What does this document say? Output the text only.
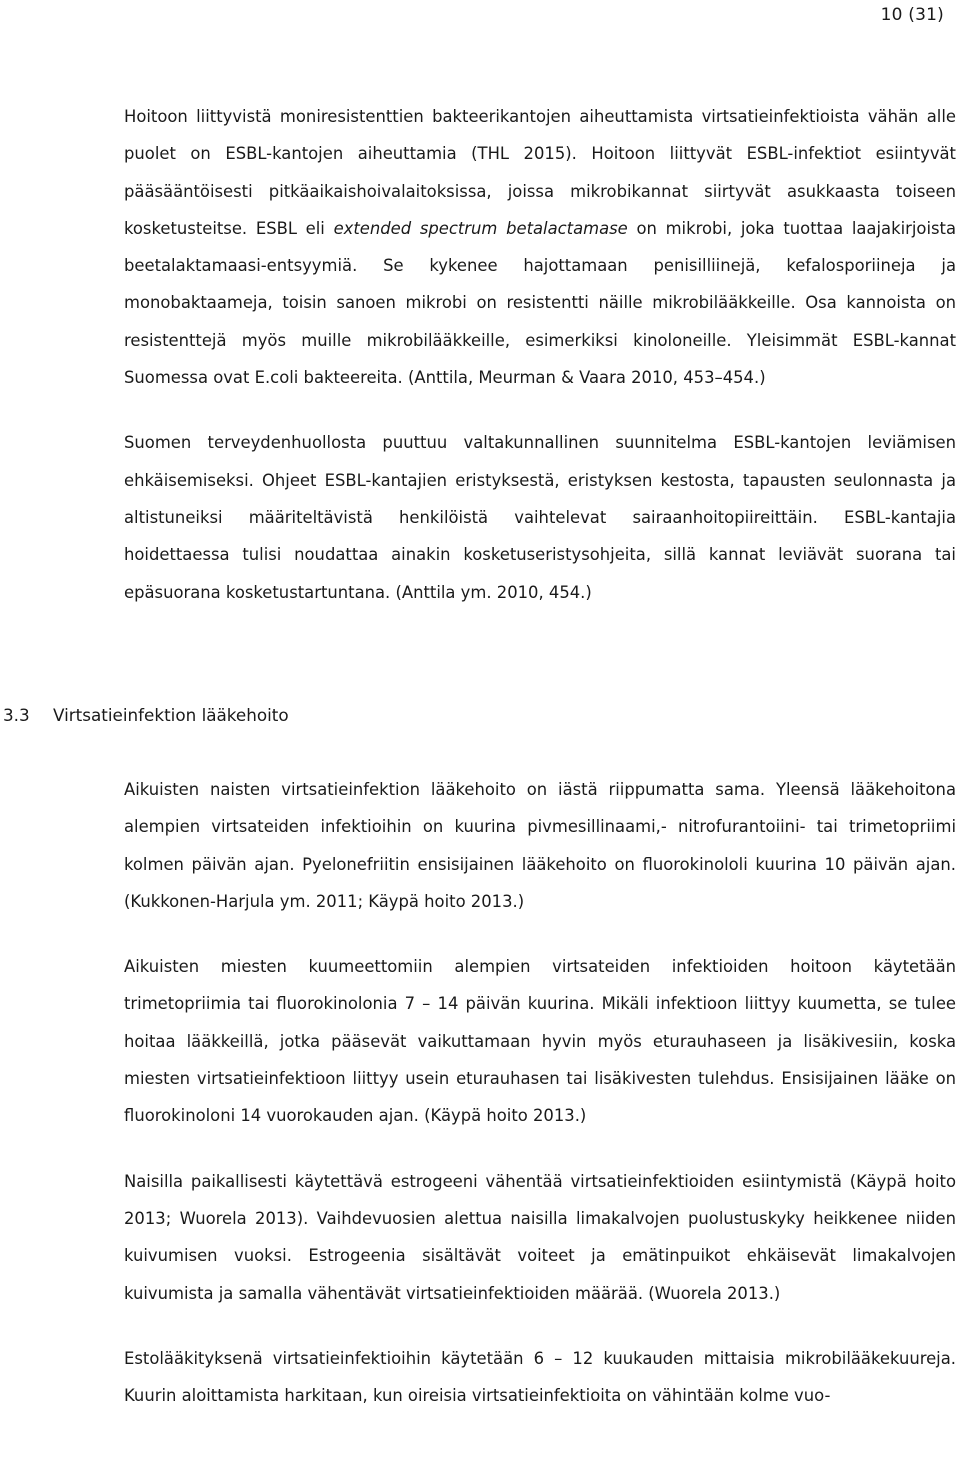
10 (31)

Hoitoon liittyvistä moniresistenttien bakteerikantojen aiheuttamista virtsatieinfektioista vähän alle puolet on ESBL-kantojen aiheuttamia (THL 2015). Hoitoon liittyvät ESBL-infektiot esiintyvät pääsääntöisesti pitkäaikaishoivalaitoksissa, joissa mikrobikannat siirtyvät asukkaasta toiseen kosketusteitse. ESBL eli extended spectrum betalactamase on mikrobi, joka tuottaa laajakirjoista beetalaktamaasi-entsyymiä. Se kykenee hajottamaan penisilliinejä, kefalosporiineja ja monobaktaameja, toisin sanoen mikrobi on resistentti näille mikrobilääkkeille. Osa kannoista on resistenttejä myös muille mikrobilääkkeille, esimerkiksi kinoloneille. Yleisimmät ESBL-kannat Suomessa ovat E.coli bakteereita. (Anttila, Meurman & Vaara 2010, 453–454.)

Suomen terveydenhuollosta puuttuu valtakunnallinen suunnitelma ESBL-kantojen leviämisen ehkäisemiseksi. Ohjeet ESBL-kantajien eristyksestä, eristyksen kestosta, tapausten seulonnasta ja altistuneiksi määriteltävistä henkilöistä vaihtelevat sairaanhoitopiireittäin. ESBL-kantajia hoidettaessa tulisi noudattaa ainakin kosketuseristysohjeita, sillä kannat leviävät suorana tai epäsuorana kosketustartuntana. (Anttila ym. 2010, 454.)

3.3 Virtsatieinfektion lääkehoito

Aikuisten naisten virtsatieinfektion lääkehoito on iästä riippumatta sama. Yleensä lääkehoitona alempien virtsateiden infektioihin on kuurina pivmesillinaami,- nitrofurantoiini- tai trimetopriimi kolmen päivän ajan. Pyelonefriitin ensisijainen lääkehoito on fluorokinololi kuurina 10 päivän ajan. (Kukkonen-Harjula ym. 2011; Käypä hoito 2013.)

Aikuisten miesten kuumeettomiin alempien virtsateiden infektioiden hoitoon käytetään trimetopriimia tai fluorokinolonia 7 – 14 päivän kuurina. Mikäli infektioon liittyy kuumetta, se tulee hoitaa lääkkeillä, jotka pääsevät vaikuttamaan hyvin myös eturauhaseen ja lisäkivesiin, koska miesten virtsatieinfektioon liittyy usein eturauhasen tai lisäkivesten tulehdus. Ensisijainen lääke on fluorokinoloni 14 vuorokauden ajan. (Käypä hoito 2013.)

Naisilla paikallisesti käytettävä estrogeeni vähentää virtsatieinfektioiden esiintymistä (Käypä hoito 2013; Wuorela 2013). Vaihdevuosien alettua naisilla limakalvojen puolustuskyky heikkenee niiden kuivumisen vuoksi. Estrogeenia sisältävät voiteet ja emätinpuikot ehkäisevät limakalvojen kuivumista ja samalla vähentävät virtsatieinfektioiden määrää. (Wuorela 2013.)

Estolääkityksenä virtsatieinfektioihin käytetään 6 – 12 kuukauden mittaisia mikrobilääkekuureja. Kuurin aloittamista harkitaan, kun oireisia virtsatieinfektioita on vähintään kolme vuo-
